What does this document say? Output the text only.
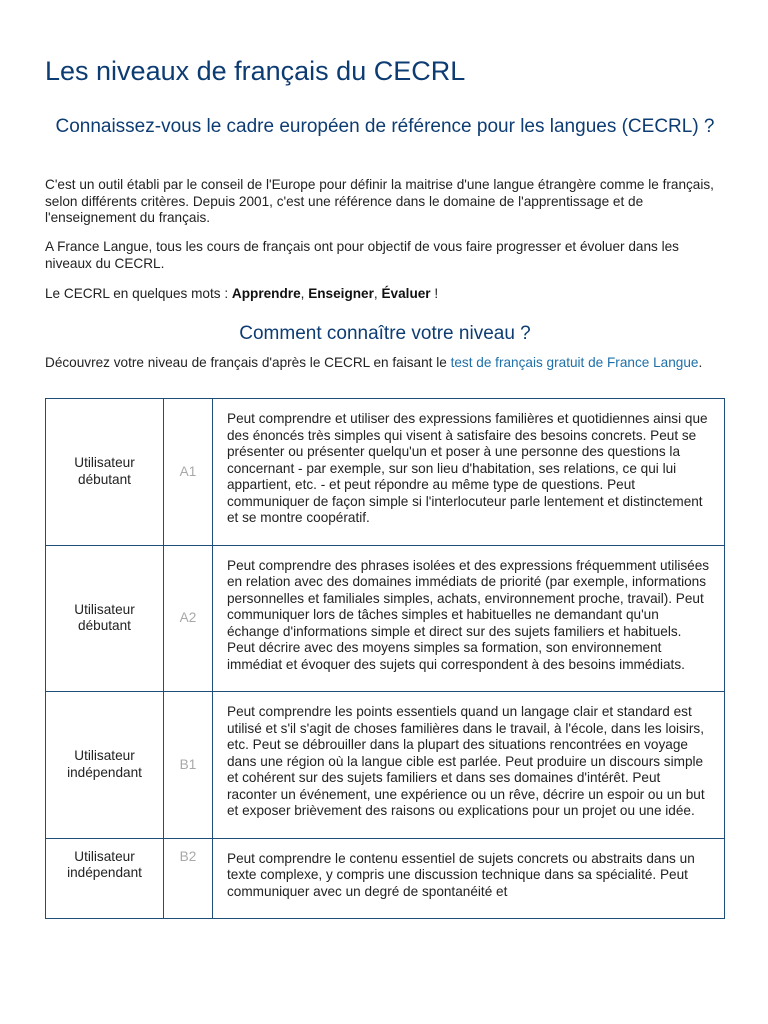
Les niveaux de français du CECRL
Connaissez-vous le cadre européen de référence pour les langues (CECRL) ?

C'est un outil établi par le conseil de l'Europe pour définir la maitrise d'une langue étrangère comme le français, selon différents critères. Depuis 2001, c'est une référence dans le domaine de l'apprentissage et de l'enseignement du français.

A France Langue, tous les cours de français ont pour objectif de vous faire progresser et évoluer dans les niveaux du CECRL.

Le CECRL en quelques mots : Apprendre, Enseigner, Évaluer !

Comment connaître votre niveau ?

Découvrez votre niveau de français d'après le CECRL en faisant le test de français gratuit de France Langue.

Utilisateur débutant	A1	Peut comprendre et utiliser des expressions familières et quotidiennes ainsi que des énoncés très simples qui visent à satisfaire des besoins concrets. Peut se présenter ou présenter quelqu'un et poser à une personne des questions la concernant - par exemple, sur son lieu d'habitation, ses relations, ce qui lui appartient, etc. - et peut répondre au même type de questions. Peut communiquer de façon simple si l'interlocuteur parle lentement et distinctement et se montre coopératif.
Utilisateur débutant	A2	Peut comprendre des phrases isolées et des expressions fréquemment utilisées en relation avec des domaines immédiats de priorité (par exemple, informations personnelles et familiales simples, achats, environnement proche, travail). Peut communiquer lors de tâches simples et habituelles ne demandant qu'un échange d'informations simple et direct sur des sujets familiers et habituels. Peut décrire avec des moyens simples sa formation, son environnement immédiat et évoquer des sujets qui correspondent à des besoins immédiats.
Utilisateur indépendant	B1	Peut comprendre les points essentiels quand un langage clair et standard est utilisé et s'il s'agit de choses familières dans le travail, à l'école, dans les loisirs, etc. Peut se débrouiller dans la plupart des situations rencontrées en voyage dans une région où la langue cible est parlée. Peut produire un discours simple et cohérent sur des sujets familiers et dans ses domaines d'intérêt. Peut raconter un événement, une expérience ou un rêve, décrire un espoir ou un but et exposer brièvement des raisons ou explications pour un projet ou une idée.
Utilisateur indépendant	B2	Peut comprendre le contenu essentiel de sujets concrets ou abstraits dans un texte complexe, y compris une discussion technique dans sa spécialité. Peut communiquer avec un degré de spontanéité et
